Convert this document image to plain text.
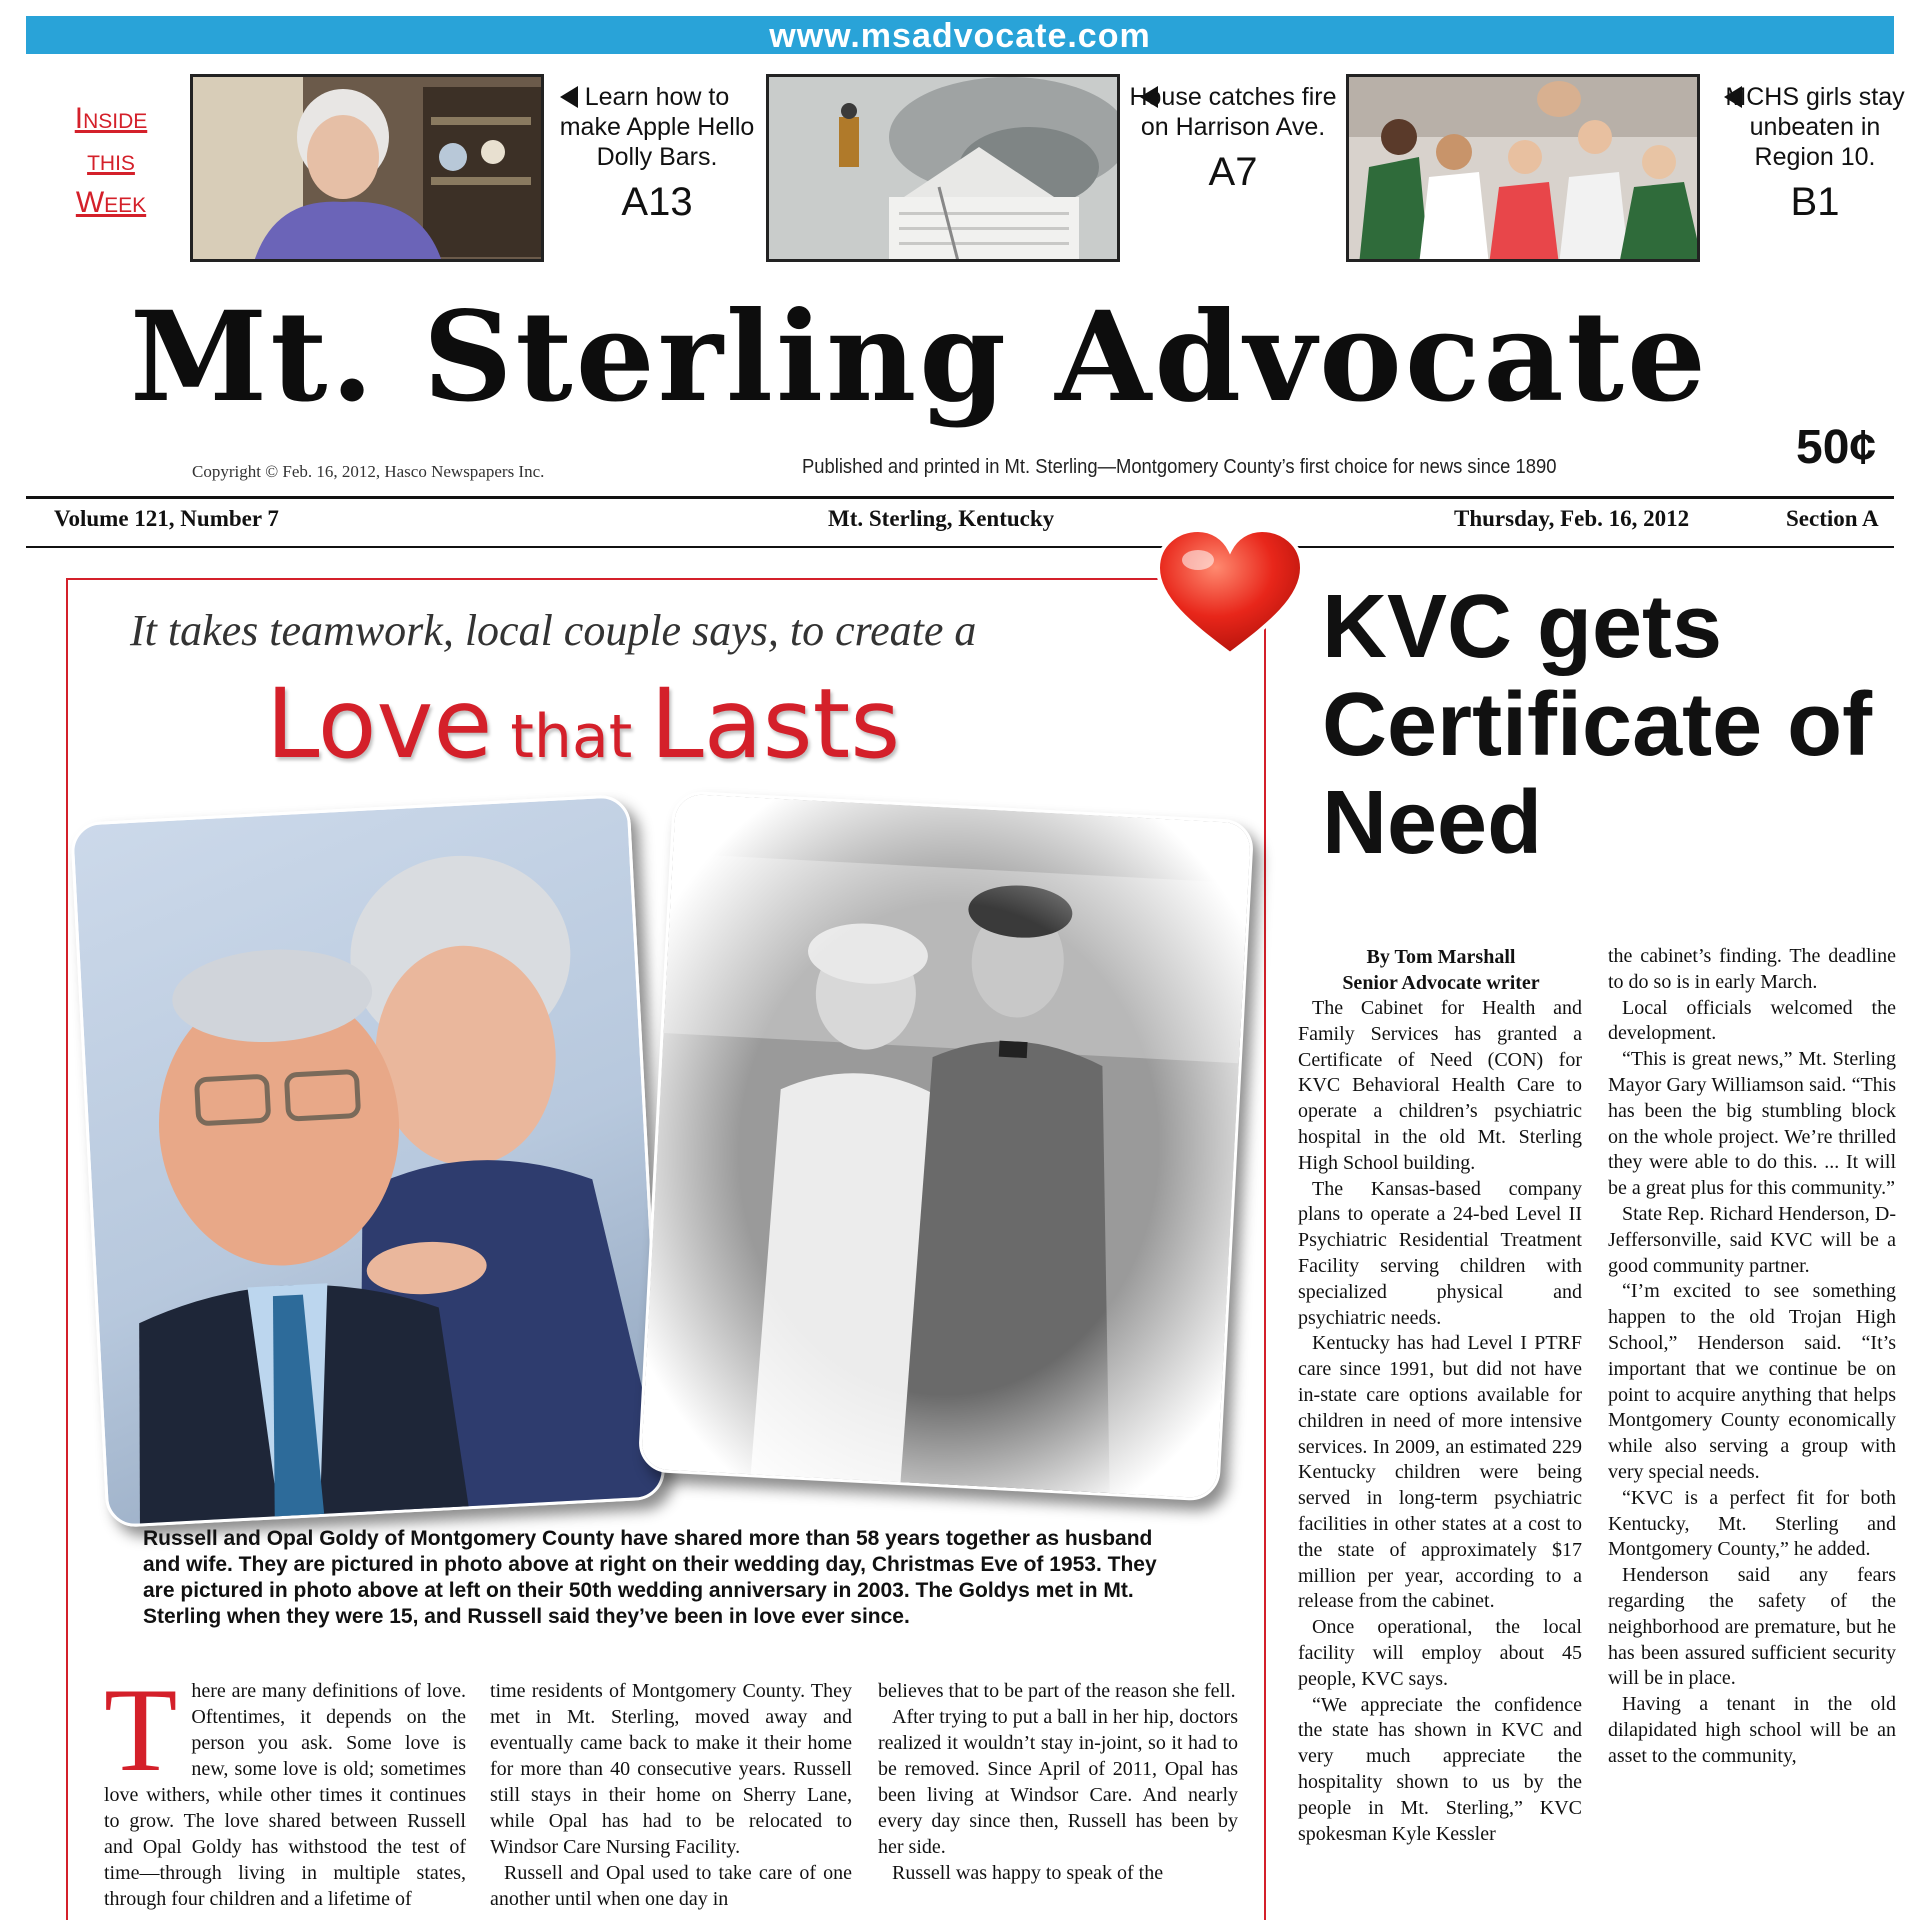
www.msadvocate.com
Inside
this
Week
Learn how to make Apple Hello Dolly Bars.
A13
House catches fire on Harrison Ave.
A7
MCHS girls stay unbeaten in Region 10.
B1
Mt. Sterling Advocate
Copyright © Feb. 16, 2012, Hasco Newspapers Inc.	Published and printed in Mt. Sterling—Montgomery County’s first choice for news since 1890	50¢
Volume 121, Number 7	Mt. Sterling, Kentucky	Thursday, Feb. 16, 2012	Section A
It takes teamwork, local couple says, to create a
Love that Lasts
Russell and Opal Goldy of Montgomery County have shared more than 58 years together as husband and wife. They are pictured in photo above at right on their wedding day, Christmas Eve of 1953. They are pictured in photo above at left on their 50th wedding anniversary in 2003. The Goldys met in Mt. Sterling when they were 15, and Russell said they’ve been in love ever since.
T here are many definitions of love. Oftentimes, it depends on the person you ask. Some love is new, some love is old; sometimes love withers, while other times it continues to grow. The love shared between Russell and Opal Goldy has withstood the test of time—through living in multiple states, through four children and a lifetime of

time residents of Montgomery County. They met in Mt. Sterling, moved away and eventually came back to make it their home for more than 40 consecutive years. Russell still stays in their home on Sherry Lane, while Opal has had to be relocated to Windsor Care Nursing Facility.

Russell and Opal used to take care of one another until when one day in

believes that to be part of the reason she fell.

After trying to put a ball in her hip, doctors realized it wouldn’t stay in-joint, so it had to be removed. Since April of 2011, Opal has been living at Windsor Care. And nearly every day since then, Russell has been by her side.

Russell was happy to speak of the

KVC gets Certificate of Need
By Tom Marshall
Senior Advocate writer

The Cabinet for Health and Family Services has granted a Certificate of Need (CON) for KVC Behavioral Health Care to operate a children’s psychiatric hospital in the old Mt. Sterling High School building.

The Kansas-based company plans to operate a 24-bed Level II Psychiatric Residential Treatment Facility serving children with specialized physical and psychiatric needs.

Kentucky has had Level I PTRF care since 1991, but did not have in-state care options available for children in need of more intensive services. In 2009, an estimated 229 Kentucky children were being served in long-term psychiatric facilities in other states at a cost to the state of approximately $17 million per year, according to a release from the cabinet.

Once operational, the local facility will employ about 45 people, KVC says.

“We appreciate the confidence the state has shown in KVC and very much appreciate the hospitality shown to us by the people in Mt. Sterling,” KVC spokesman Kyle Kessler

the cabinet’s finding. The deadline to do so is in early March.

Local officials welcomed the development.

“This is great news,” Mt. Sterling Mayor Gary Williamson said. “This has been the big stumbling block on the whole project. We’re thrilled they were able to do this. ... It will be a great plus for this community.”

State Rep. Richard Henderson, D-Jeffersonville, said KVC will be a good community partner.

“I’m excited to see something happen to the old Trojan High School,” Henderson said. “It’s important that we continue be on point to acquire anything that helps Montgomery County economically while also serving a group with very special needs.

“KVC is a perfect fit for both Kentucky, Mt. Sterling and Montgomery County,” he added.

Henderson said any fears regarding the safety of the neighborhood are premature, but he has been assured sufficient security will be in place.

Having a tenant in the old dilapidated high school will be an asset to the community,
